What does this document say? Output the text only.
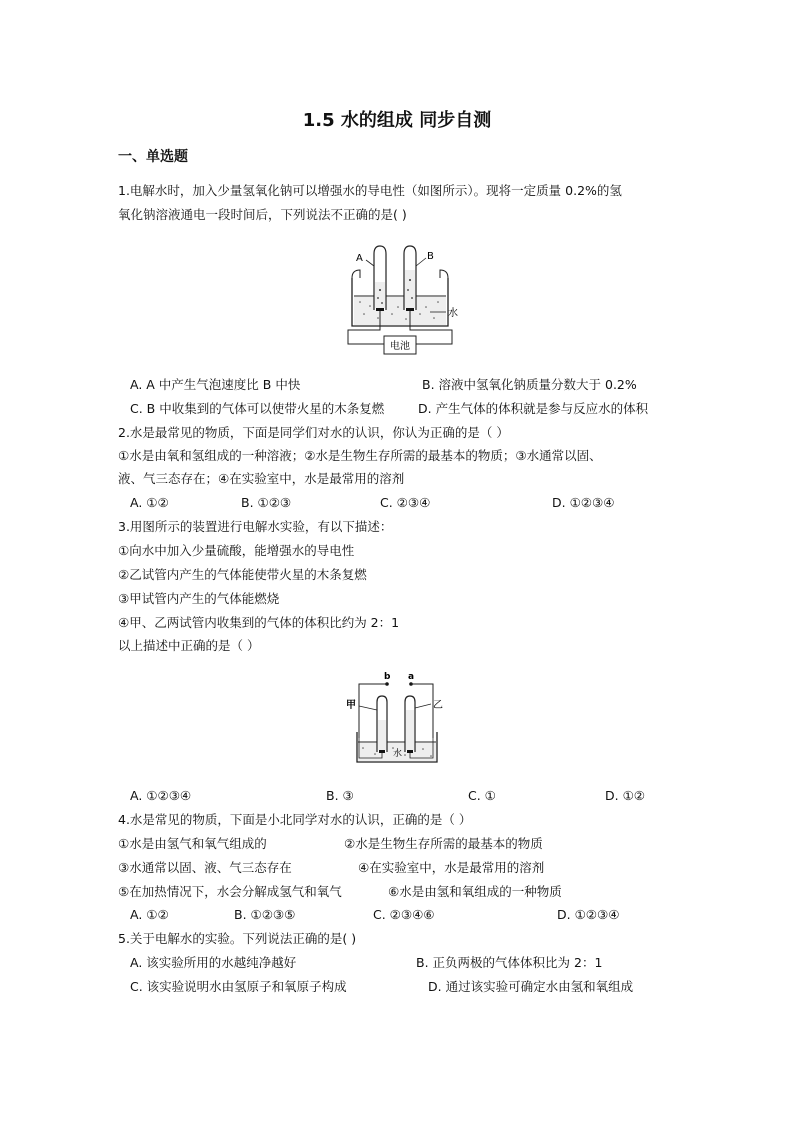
1.5 水的组成 同步自测
一、单选题
1.电解水时，加入少量氢氧化钠可以增强水的导电性（如图所示）。现将一定质量 0.2%的氢
氧化钠溶液通电一段时间后，下列说法不正确的是( )
电池
A	B
水
A. A 中产生气泡速度比 B 中快	B. 溶液中氢氧化钠质量分数大于 0.2%
C. B 中收集到的气体可以使带火星的木条复燃	D. 产生气体的体积就是参与反应水的体积
2.水是最常见的物质，下面是同学们对水的认识，你认为正确的是（ ）
①水是由氧和氢组成的一种溶液；②水是生物生存所需的最基本的物质；③水通常以固、
液、气三态存在；④在实验室中，水是最常用的溶剂
A. ①②	B. ①②③	C. ②③④	D. ①②③④
3.用图所示的装置进行电解水实验，有以下描述：
①向水中加入少量硫酸，能增强水的导电性
②乙试管内产生的气体能使带火星的木条复燃
③甲试管内产生的气体能燃烧
④甲、乙两试管内收集到的气体的体积比约为 2：1
以上描述中正确的是（ ）
b a
水
甲	乙
A. ①②③④	B. ③	C. ①	D. ①②
4.水是常见的物质，下面是小北同学对水的认识，正确的是（ ）
①水是由氢气和氧气组成的	②水是生物生存所需的最基本的物质
③水通常以固、液、气三态存在	④在实验室中，水是最常用的溶剂
⑤在加热情况下，水会分解成氢气和氧气	⑥水是由氢和氧组成的一种物质
A. ①②	B. ①②③⑤	C. ②③④⑥	D. ①②③④
5.关于电解水的实验。下列说法正确的是( )
A. 该实验所用的水越纯净越好	B. 正负两极的气体体积比为 2：1
C. 该实验说明水由氢原子和氧原子构成	D. 通过该实验可确定水由氢和氧组成
